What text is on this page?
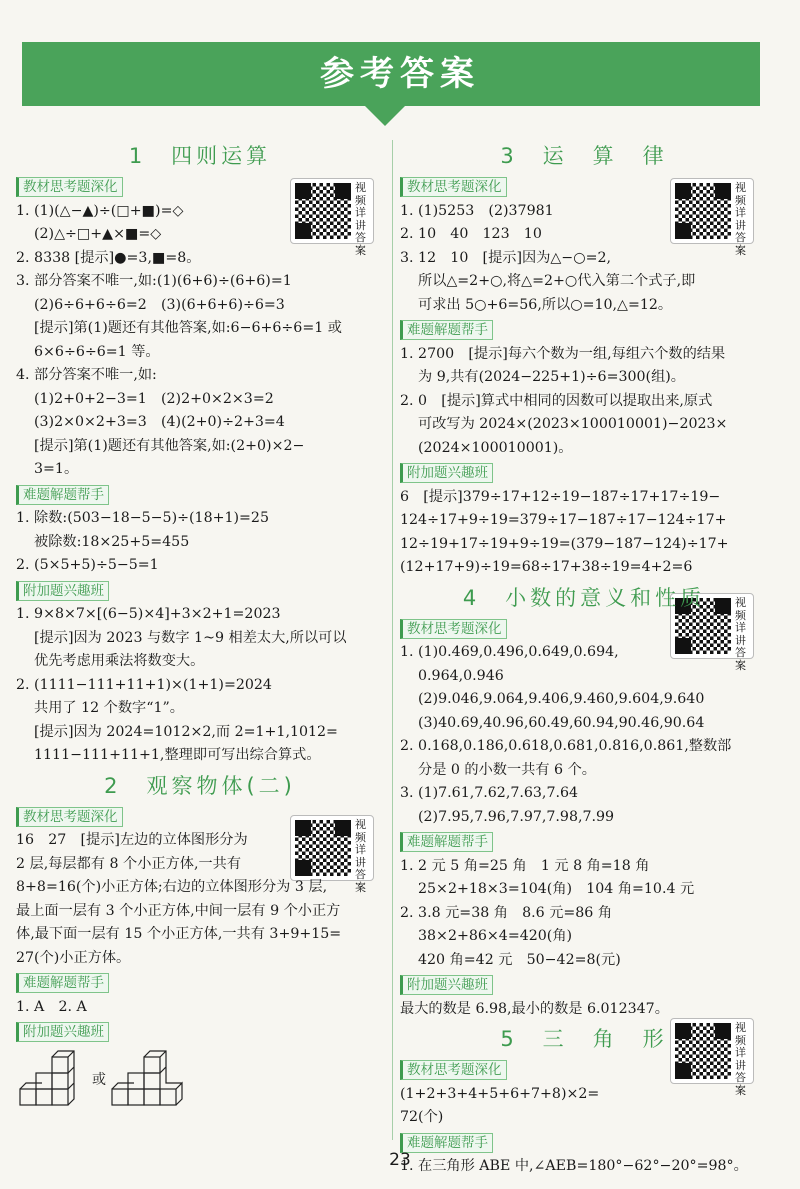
参考答案
视频详讲答案
视频详讲答案
视频详讲答案
视频详讲答案
视频详讲答案
1　四则运算
教材思考题深化

1. (1)(△−▲)÷(□+■)=◇

(2)△÷□+▲×■=◇

2. 8338 [提示]●=3,■=8。

3. 部分答案不唯一,如:(1)(6+6)÷(6+6)=1

(2)6÷6+6÷6=2　(3)(6+6+6)÷6=3

[提示]第(1)题还有其他答案,如:6−6+6÷6=1 或

6×6÷6÷6=1 等。

4. 部分答案不唯一,如:

(1)2+0+2−3=1　(2)2+0×2×3=2

(3)2×0×2+3=3　(4)(2+0)÷2+3=4

[提示]第(1)题还有其他答案,如:(2+0)×2−

3=1。

难题解题帮手

1. 除数:(503−18−5−5)÷(18+1)=25

被除数:18×25+5=455

2. (5×5+5)÷5−5=1

附加题兴趣班

1. 9×8×7×[(6−5)×4]+3×2+1=2023

[提示]因为 2023 与数字 1~9 相差太大,所以可以

优先考虑用乘法将数变大。

2. (1111−111+11+1)×(1+1)=2024

共用了 12 个数字“1”。

[提示]因为 2024=1012×2,而 2=1+1,1012=

1111−111+11+1,整理即可写出综合算式。

2　观察物体(二)
教材思考题深化

16　27　[提示]左边的立体图形分为

2 层,每层都有 8 个小正方体,一共有

8+8=16(个)小正方体;右边的立体图形分为 3 层,

最上面一层有 3 个小正方体,中间一层有 9 个小正方

体,最下面一层有 15 个小正方体,一共有 3+9+15=

27(个)小正方体。

难题解题帮手

1. A　2. A

附加题兴趣班
或
3　运　算　律
教材思考题深化

1. (1)5253　(2)37981

2. 10　40　123　10

3. 12　10　[提示]因为△−○=2,

所以△=2+○,将△=2+○代入第二个式子,即

可求出 5○+6=56,所以○=10,△=12。

难题解题帮手

1. 2700　[提示]每六个数为一组,每组六个数的结果

为 9,共有(2024−225+1)÷6=300(组)。

2. 0　[提示]算式中相同的因数可以提取出来,原式

可改写为 2024×(2023×100010001)−2023×

(2024×100010001)。

附加题兴趣班

6　[提示]379÷17+12÷19−187÷17+17÷19−

124÷17+9÷19=379÷17−187÷17−124÷17+

12÷19+17÷19+9÷19=(379−187−124)÷17+

(12+17+9)÷19=68÷17+38÷19=4+2=6

4　小数的意义和性质
教材思考题深化

1. (1)0.469,0.496,0.649,0.694,

0.964,0.946

(2)9.046,9.064,9.406,9.460,9.604,9.640

(3)40.69,40.96,60.49,60.94,90.46,90.64

2. 0.168,0.186,0.618,0.681,0.816,0.861,整数部

分是 0 的小数一共有 6 个。

3. (1)7.61,7.62,7.63,7.64

(2)7.95,7.96,7.97,7.98,7.99

难题解题帮手

1. 2 元 5 角=25 角　1 元 8 角=18 角

25×2+18×3=104(角)　104 角=10.4 元

2. 3.8 元=38 角　8.6 元=86 角

38×2+86×4=420(角)

420 角=42 元　50−42=8(元)

附加题兴趣班

最大的数是 6.98,最小的数是 6.012347。

5　三　角　形
教材思考题深化

(1+2+3+4+5+6+7+8)×2=

72(个)

难题解题帮手

1. 在三角形 ABE 中,∠AEB=180°−62°−20°=98°。

23
